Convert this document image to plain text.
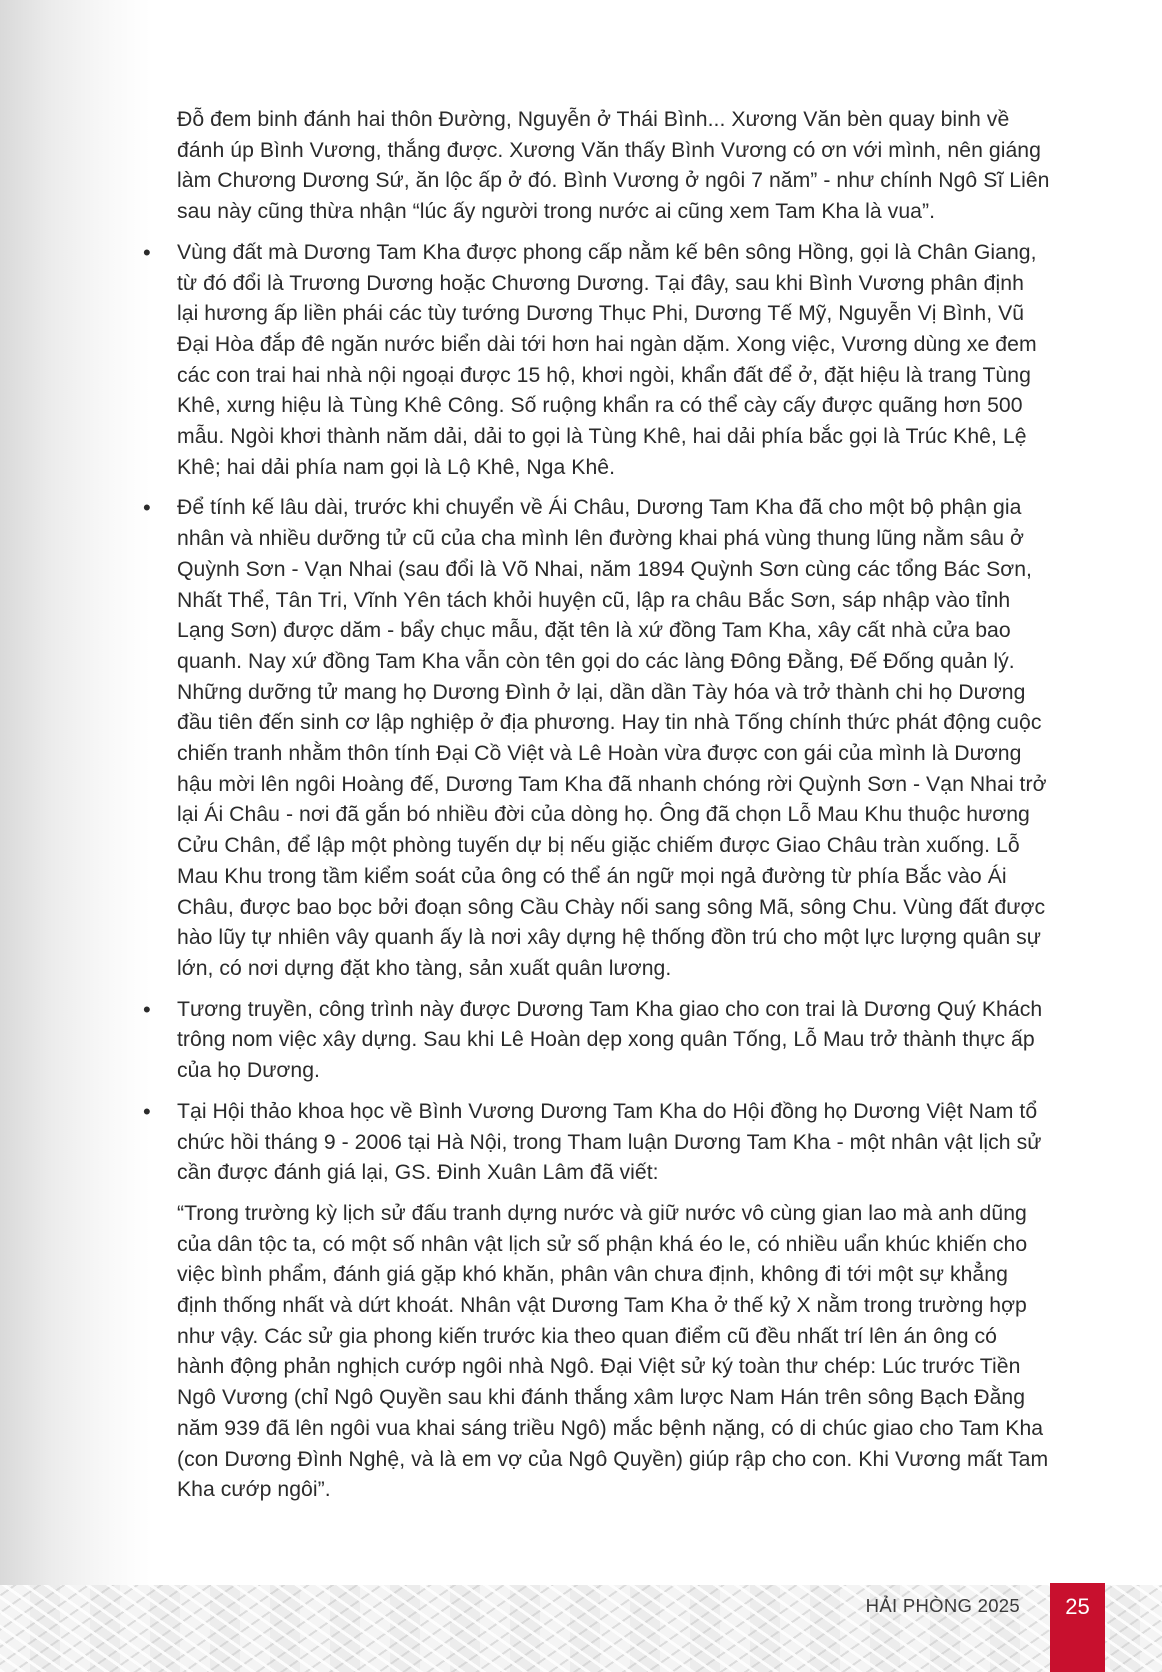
Đỗ đem binh đánh hai thôn Đường, Nguyễn ở Thái Bình... Xương Văn bèn quay binh về đánh úp Bình Vương, thắng được. Xương Văn thấy Bình Vương có ơn với mình, nên giáng làm Chương Dương Sứ, ăn lộc ấp ở đó. Bình Vương ở ngôi 7 năm” - như chính Ngô Sĩ Liên sau này cũng thừa nhận “lúc ấy người trong nước ai cũng xem Tam Kha là vua”.

•	Vùng đất mà Dương Tam Kha được phong cấp nằm kế bên sông Hồng, gọi là Chân Giang, từ đó đổi là Trương Dương hoặc Chương Dương. Tại đây, sau khi Bình Vương phân định lại hương ấp liền phái các tùy tướng Dương Thục Phi, Dương Tế Mỹ, Nguyễn Vị Bình, Vũ Đại Hòa đắp đê ngăn nước biển dài tới hơn hai ngàn dặm. Xong việc, Vương dùng xe đem các con trai hai nhà nội ngoại được 15 hộ, khơi ngòi, khẩn đất để ở, đặt hiệu là trang Tùng Khê, xưng hiệu là Tùng Khê Công. Số ruộng khẩn ra có thể cày cấy được quãng hơn 500 mẫu. Ngòi khơi thành năm dải, dải to gọi là Tùng Khê, hai dải phía bắc gọi là Trúc Khê, Lệ Khê; hai dải phía nam gọi là Lộ Khê, Nga Khê.
•	Để tính kế lâu dài, trước khi chuyển về Ái Châu, Dương Tam Kha đã cho một bộ phận gia nhân và nhiều dưỡng tử cũ của cha mình lên đường khai phá vùng thung lũng nằm sâu ở Quỳnh Sơn - Vạn Nhai (sau đổi là Võ Nhai, năm 1894 Quỳnh Sơn cùng các tổng Bác Sơn, Nhất Thể, Tân Tri, Vĩnh Yên tách khỏi huyện cũ, lập ra châu Bắc Sơn, sáp nhập vào tỉnh Lạng Sơn) được dăm - bẩy chục mẫu, đặt tên là xứ đồng Tam Kha, xây cất nhà cửa bao quanh. Nay xứ đồng Tam Kha vẫn còn tên gọi do các làng Đông Đằng, Đế Đống quản lý. Những dưỡng tử mang họ Dương Đình ở lại, dần dần Tày hóa và trở thành chi họ Dương đầu tiên đến sinh cơ lập nghiệp ở địa phương. Hay tin nhà Tống chính thức phát động cuộc chiến tranh nhằm thôn tính Đại Cồ Việt và Lê Hoàn vừa được con gái của mình là Dương hậu mời lên ngôi Hoàng đế, Dương Tam Kha đã nhanh chóng rời Quỳnh Sơn - Vạn Nhai trở lại Ái Châu - nơi đã gắn bó nhiều đời của dòng họ. Ông đã chọn Lỗ Mau Khu thuộc hương Cửu Chân, để lập một phòng tuyến dự bị nếu giặc chiếm được Giao Châu tràn xuống. Lỗ Mau Khu trong tầm kiểm soát của ông có thể án ngữ mọi ngả đường từ phía Bắc vào Ái Châu, được bao bọc bởi đoạn sông Cầu Chày nối sang sông Mã, sông Chu. Vùng đất được hào lũy tự nhiên vây quanh ấy là nơi xây dựng hệ thống đồn trú cho một lực lượng quân sự lớn, có nơi dựng đặt kho tàng, sản xuất quân lương.
•	Tương truyền, công trình này được Dương Tam Kha giao cho con trai là Dương Quý Khách trông nom việc xây dựng. Sau khi Lê Hoàn dẹp xong quân Tống, Lỗ Mau trở thành thực ấp của họ Dương.
•	Tại Hội thảo khoa học về Bình Vương Dương Tam Kha do Hội đồng họ Dương Việt Nam tổ chức hồi tháng 9 - 2006 tại Hà Nội, trong Tham luận Dương Tam Kha - một nhân vật lịch sử cần được đánh giá lại, GS. Đinh Xuân Lâm đã viết:

“Trong trường kỳ lịch sử đấu tranh dựng nước và giữ nước vô cùng gian lao mà anh dũng của dân tộc ta, có một số nhân vật lịch sử số phận khá éo le, có nhiều uẩn khúc khiến cho việc bình phẩm, đánh giá gặp khó khăn, phân vân chưa định, không đi tới một sự khẳng định thống nhất và dứt khoát. Nhân vật Dương Tam Kha ở thế kỷ X nằm trong trường hợp như vậy. Các sử gia phong kiến trước kia theo quan điểm cũ đều nhất trí lên án ông có hành động phản nghịch cướp ngôi nhà Ngô. Đại Việt sử ký toàn thư chép: Lúc trước Tiền Ngô Vương (chỉ Ngô Quyền sau khi đánh thắng xâm lược Nam Hán trên sông Bạch Đằng năm 939 đã lên ngôi vua khai sáng triều Ngô) mắc bệnh nặng, có di chúc giao cho Tam Kha (con Dương Đình Nghệ, và là em vợ của Ngô Quyền) giúp rập cho con. Khi Vương mất Tam Kha cướp ngôi”.

HẢI PHÒNG 2025	25
